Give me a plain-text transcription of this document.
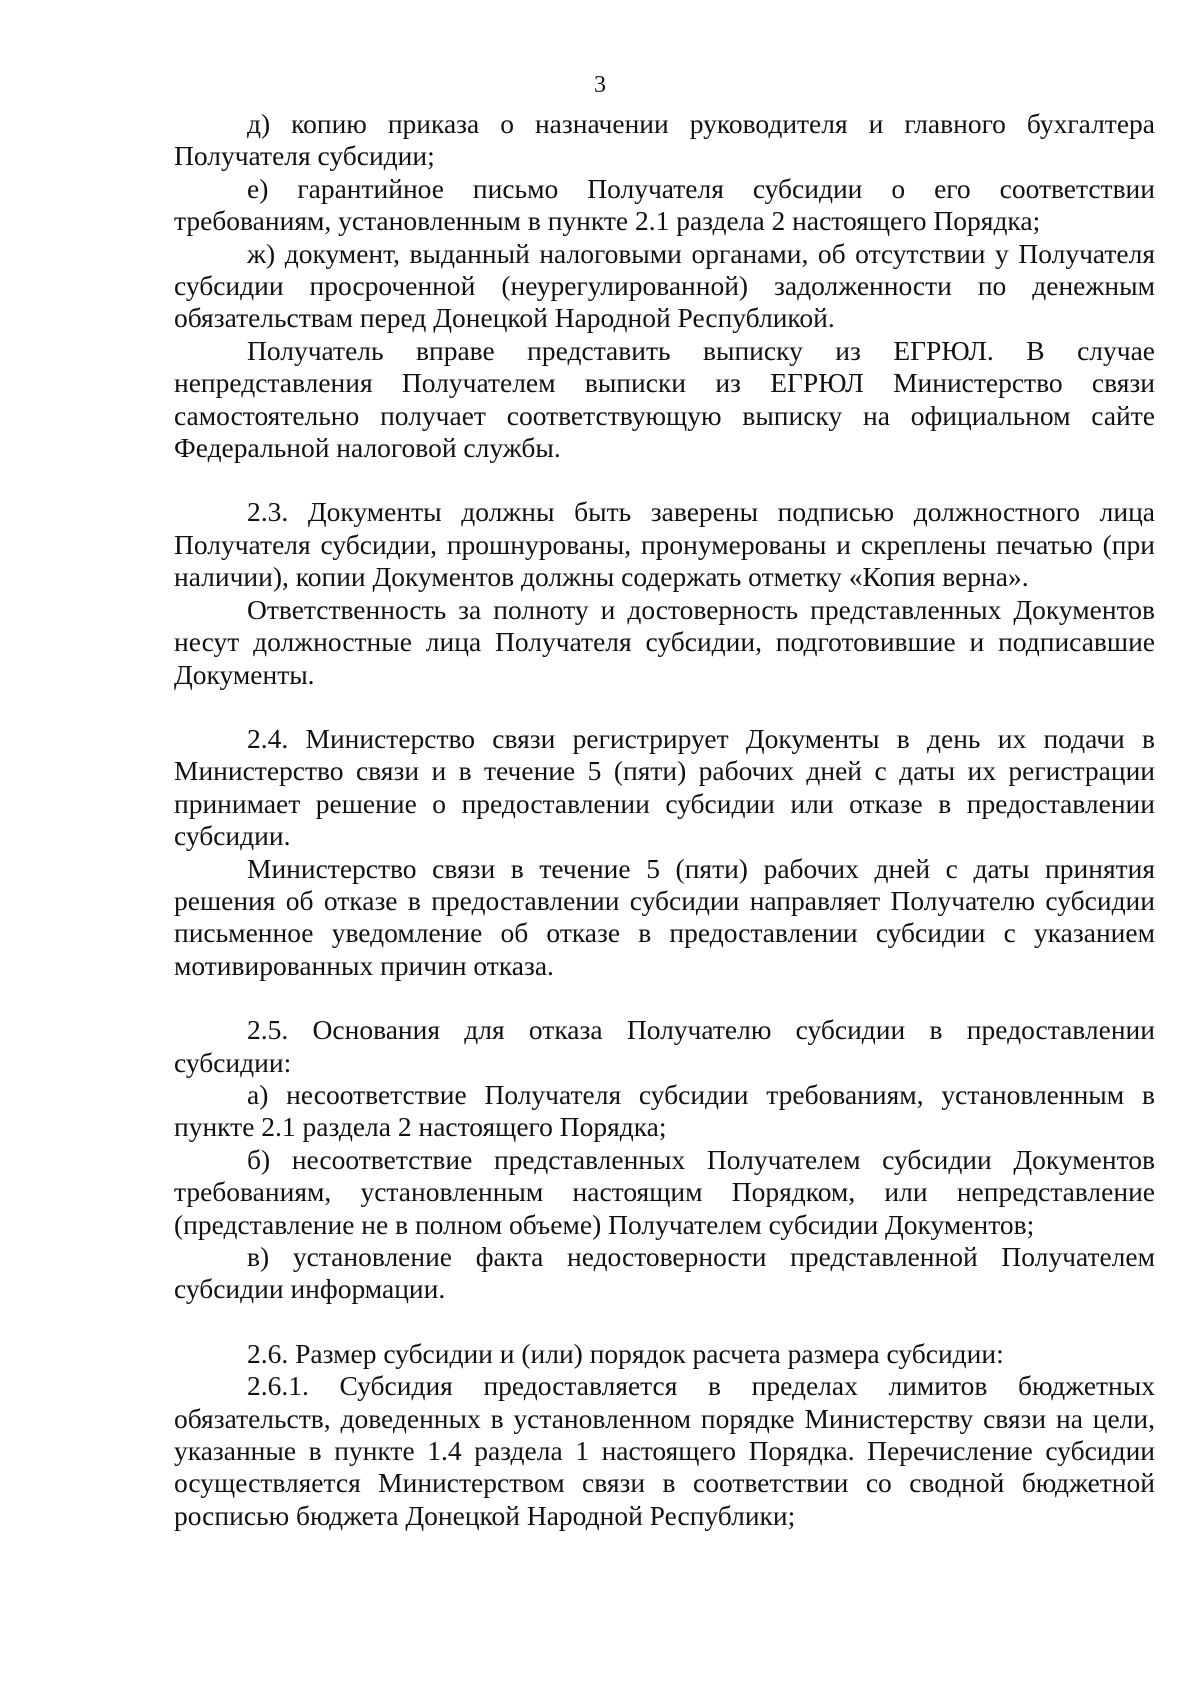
3

д) копию приказа о назначении руководителя и главного бухгалтера Получателя субсидии;

е) гарантийное письмо Получателя субсидии о его соответствии требованиям, установленным в пункте 2.1 раздела 2 настоящего Порядка;

ж) документ, выданный налоговыми органами, об отсутствии у Получателя субсидии просроченной (неурегулированной) задолженности по денежным обязательствам перед Донецкой Народной Республикой.

Получатель вправе представить выписку из ЕГРЮЛ. В случае непредставления Получателем выписки из ЕГРЮЛ Министерство связи самостоятельно получает соответствующую выписку на официальном сайте Федеральной налоговой службы.

2.3. Документы должны быть заверены подписью должностного лица Получателя субсидии, прошнурованы, пронумерованы и скреплены печатью (при наличии), копии Документов должны содержать отметку «Копия верна».

Ответственность за полноту и достоверность представленных Документов несут должностные лица Получателя субсидии, подготовившие и подписавшие Документы.

2.4. Министерство связи регистрирует Документы в день их подачи в Министерство связи и в течение 5 (пяти) рабочих дней с даты их регистрации принимает решение о предоставлении субсидии или отказе в предоставлении субсидии.

Министерство связи в течение 5 (пяти) рабочих дней с даты принятия решения об отказе в предоставлении субсидии направляет Получателю субсидии письменное уведомление об отказе в предоставлении субсидии с указанием мотивированных причин отказа.

2.5. Основания для отказа Получателю субсидии в предоставлении субсидии:

а) несоответствие Получателя субсидии требованиям, установленным в пункте 2.1 раздела 2 настоящего Порядка;

б) несоответствие представленных Получателем субсидии Документов требованиям, установленным настоящим Порядком, или непредставление (представление не в полном объеме) Получателем субсидии Документов;

в) установление факта недостоверности представленной Получателем субсидии информации.

2.6. Размер субсидии и (или) порядок расчета размера субсидии:

2.6.1. Субсидия предоставляется в пределах лимитов бюджетных обязательств, доведенных в установленном порядке Министерству связи на цели, указанные в пункте 1.4 раздела 1 настоящего Порядка. Перечисление субсидии осуществляется Министерством связи в соответствии со сводной бюджетной росписью бюджета Донецкой Народной Республики;
